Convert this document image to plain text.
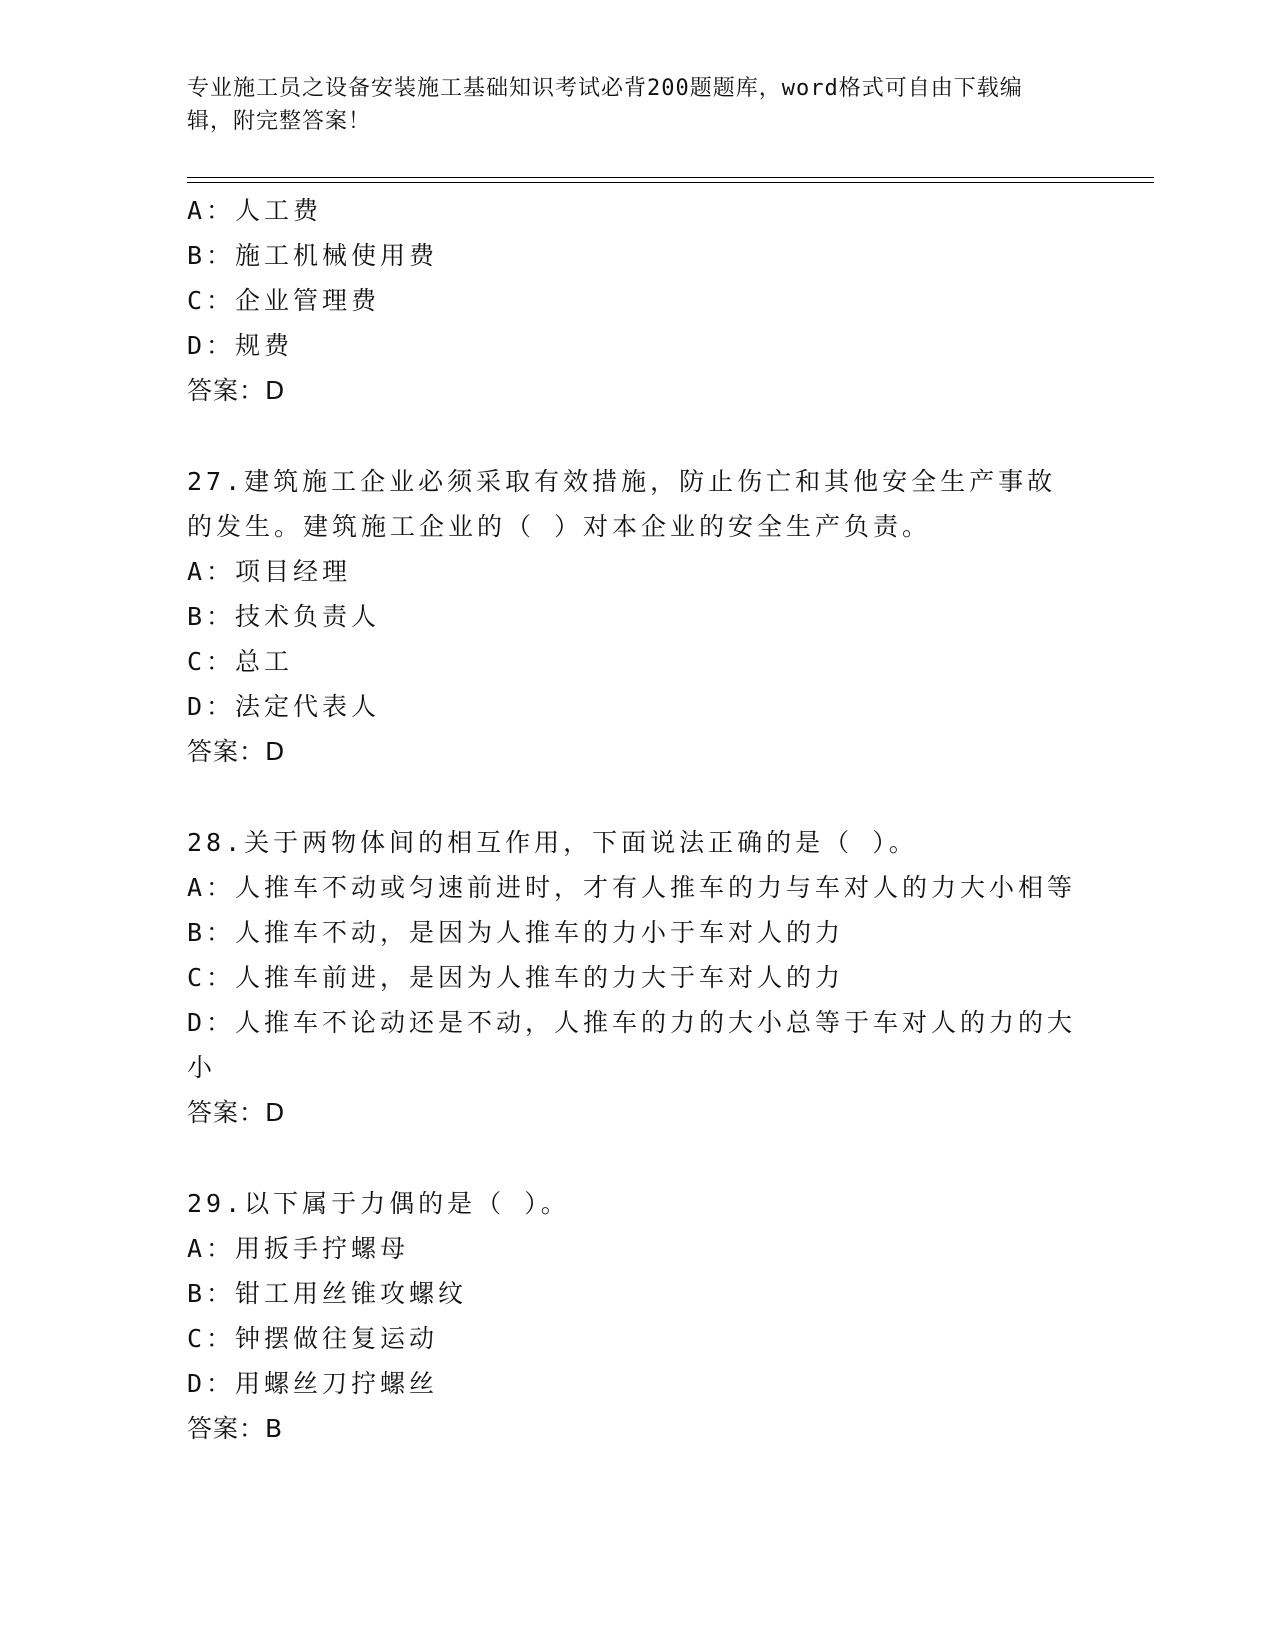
专业施工员之设备安装施工基础知识考试必背200题题库，word格式可自由下载编辑，附完整答案！
A：人工费
B：施工机械使用费
C：企业管理费
D：规费
答案：D
27.建筑施工企业必须采取有效措施，防止伤亡和其他安全生产事故的发生。建筑施工企业的（ ）对本企业的安全生产负责。
A：项目经理
B：技术负责人
C：总工
D：法定代表人
答案：D
28.关于两物体间的相互作用，下面说法正确的是（ ）。
A：人推车不动或匀速前进时，才有人推车的力与车对人的力大小相等
B：人推车不动，是因为人推车的力小于车对人的力
C：人推车前进，是因为人推车的力大于车对人的力
D：人推车不论动还是不动，人推车的力的大小总等于车对人的力的大小
答案：D
29.以下属于力偶的是（ ）。
A：用扳手拧螺母
B：钳工用丝锥攻螺纹
C：钟摆做往复运动
D：用螺丝刀拧螺丝
答案：B
